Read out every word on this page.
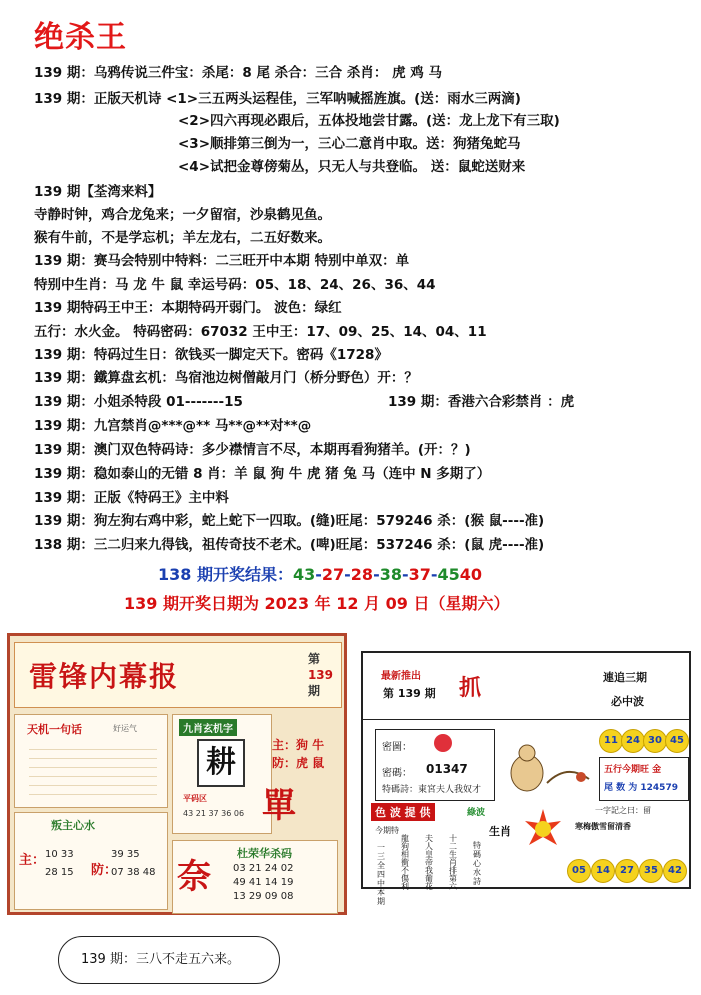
绝杀王
139 期：乌鸦传说三件宝：杀尾：8 尾 杀合：三合 杀肖： 虎 鸡 马
139 期：正版天机诗 <1>三五两头运程佳，三军呐喊摇旌旗。(送：雨水三两滴)
<2>四六再现必跟后，五体投地尝甘露。(送：龙上龙下有三取)
<3>顺排第三倒为一，三心二意肖中取。送：狗猪兔蛇马
<4>试把金尊傍菊丛，只无人与共登临。 送：鼠蛇送财来
139 期【荃湾来料】
寺静时钟，鸡合龙兔来；一夕留宿，沙泉鹤见鱼。
猴有牛前，不是学忘机；羊左龙右，二五好数来。
139 期：赛马会特别中特料：二三旺开中本期 特别中单双：单
特别中生肖：马 龙 牛 鼠 幸运号码：05、18、24、26、36、44
139 期特码王中王：本期特码开弱门。 波色：绿红
五行：水火金。 特码密码：67032 王中王：17、09、25、14、04、11
139 期：特码过生日：欲钱买一脚定天下。密码《1728》
139 期：鐵算盘玄机：鸟宿池边树僧敲月门（桥分野色）开：？
139 期：小姐杀特段 01-------15	139 期：香港六合彩禁肖 ：虎
139 期：九宫禁肖@***@** 马**@**对**@
139 期：澳门双色特码诗：多少襟情言不尽，本期再看狗猪羊。(开：？)
139 期：稳如泰山的无错 8 肖：羊 鼠 狗 牛 虎 猪 兔 马（连中 N 多期了）
139 期：正版《特码王》主中料
139 期：狗左狗右鸡中彩，蛇上蛇下一四取。(缝)旺尾：579246 杀：(猴 鼠----准)
138 期：三二归来九得钱，祖传奇技不老术。(啤)旺尾：537246 杀：(鼠 虎----准)
138 期开奖结果：43-27-28-38-37-4540
139 期开奖日期为 2023 年 12 月 09 日（星期六）
雷锋内幕报
第
139
期
天机一句话	好运气	九肖玄机字
耕
平码区
43 21 37 36 06
主：狗 牛
防：虎 鼠
單
叛主心水
主：
防：
10 33
28 15
39 35
07 38 48 奈
杜荣华杀码
03 21 24 02
49 41 14 19
13 29 09 08
最新推出
第 139 期 抓	連追三期
必中波
密圖：
密碼： 01347
特碼詩：東宮夫人我奴才
11 24 30 45
五行今期旺 金
尾 数 为 124579
色 波 提 供	綠波
生肖
今期特
一三全四中本期
龍狗相衝不傷利
夫人皇帝我葡花
十二生肖排第六
特碼心水詩
一字記之曰：留
寒梅傲雪留清香
05	14	27	35	42
139 期：三八不走五六来。
